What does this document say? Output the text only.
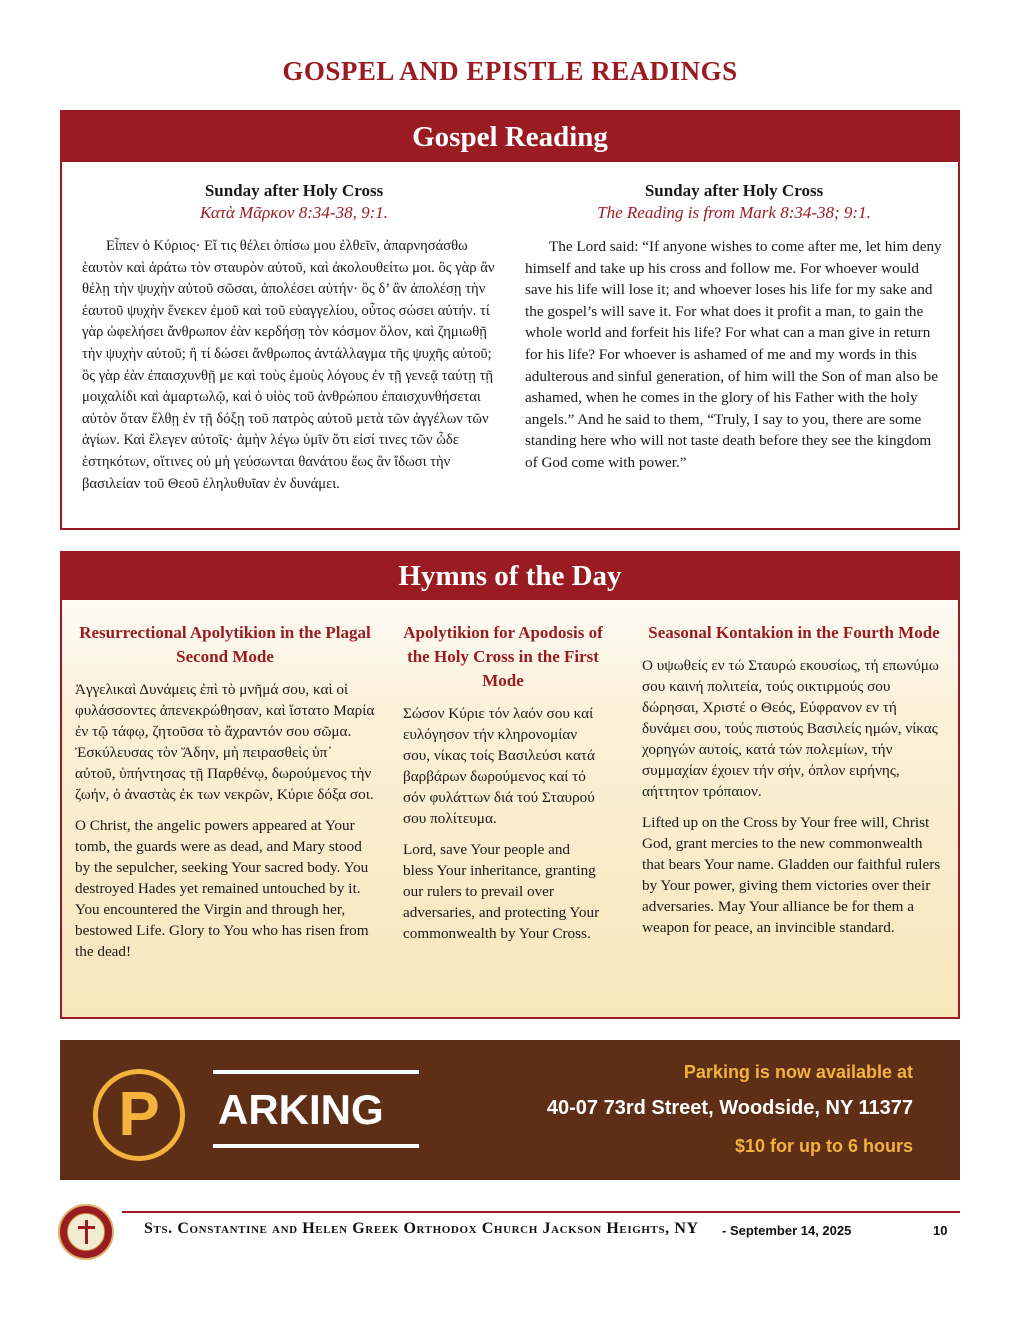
GOSPEL AND EPISTLE READINGS
Gospel Reading
Sunday after Holy Cross
Κατὰ Μᾶρκον 8:34-38, 9:1.
Εἶπεν ὁ Κύριος· Εἴ τις θέλει ὀπίσω μου ἐλθεῖν, ἀπαρνησάσθω ἑαυτὸν καὶ ἀράτω τὸν σταυρὸν αὐτοῦ, καὶ ἀκολουθείτω μοι. ὃς γὰρ ἂν θέλῃ τὴν ψυχὴν αὐτοῦ σῶσαι, ἀπολέσει αὐτήν· ὃς δ’ ἂν ἀπολέσῃ τὴν ἑαυτοῦ ψυχὴν ἕνεκεν ἐμοῦ καὶ τοῦ εὐαγγελίου, οὗτος σώσει αὐτήν. τί γὰρ ὠφελήσει ἄνθρωπον ἐὰν κερδήσῃ τὸν κόσμον ὅλον, καὶ ζημιωθῇ τὴν ψυχὴν αὐτοῦ; ἢ τί δώσει ἄνθρωπος ἀντάλλαγμα τῆς ψυχῆς αὐτοῦ; ὃς γὰρ ἐὰν ἐπαισχυνθῇ με καὶ τοὺς ἐμοὺς λόγους ἐν τῇ γενεᾷ ταύτῃ τῇ μοιχαλίδι καὶ ἁμαρτωλῷ, καὶ ὁ υἱὸς τοῦ ἀνθρώπου ἐπαισχυνθήσεται αὐτὸν ὅταν ἔλθῃ ἐν τῇ δόξῃ τοῦ πατρὸς αὐτοῦ μετὰ τῶν ἀγγέλων τῶν ἁγίων. Καὶ ἔλεγεν αὐτοῖς· ἀμὴν λέγω ὑμῖν ὅτι εἰσί τινες τῶν ὧδε ἑστηκότων, οἵτινες οὐ μὴ γεύσωνται θανάτου ἕως ἂν ἴδωσι τὴν βασιλείαν τοῦ Θεοῦ ἐληλυθυῖαν ἐν δυνάμει.
Sunday after Holy Cross
The Reading is from Mark 8:34-38; 9:1.
The Lord said: “If anyone wishes to come after me, let him deny himself and take up his cross and follow me. For whoever would save his life will lose it; and whoever loses his life for my sake and the gospel’s will save it. For what does it profit a man, to gain the whole world and forfeit his life? For what can a man give in return for his life? For whoever is ashamed of me and my words in this adulterous and sinful generation, of him will the Son of man also be ashamed, when he comes in the glory of his Father with the holy angels.” And he said to them, “Truly, I say to you, there are some standing here who will not taste death before they see the kingdom of God come with power.”
Hymns of the Day
Resurrectional Apolytikion in the Plagal Second Mode

Ἀγγελικαὶ Δυνάμεις ἐπὶ τὸ μνῆμά σου, καὶ οἱ φυλάσσοντες ἀπενεκρώθησαν, καὶ ἵστατο Μαρία ἐν τῷ τάφῳ, ζητοῦσα τὸ ἄχραντόν σου σῶμα. Ἐσκύλευσας τὸν Ἅδην, μὴ πειρασθεὶς ὑπ᾽ αὐτοῦ, ὑπήντησας τῇ Παρθένῳ, δωρούμενος τὴν ζωήν, ὁ ἀναστὰς ἐκ των νεκρῶν, Κύριε δόξα σοι.

O Christ, the angelic powers appeared at Your tomb, the guards were as dead, and Mary stood by the sepulcher, seeking Your sacred body. You destroyed Hades yet remained untouched by it. You encountered the Virgin and through her, bestowed Life. Glory to You who has risen from the dead!

Apolytikion for Apodosis of the Holy Cross in the First Mode

Σώσον Κύριε τόν λαόν σου καί ευλόγησον τήν κληρονομίαν σου, νίκας τοίς Βασιλεύσι κατά βαρβάρων δωρούμενος καί τό σόν φυλάττων διά τού Σταυρού σου πολίτευμα.

Lord, save Your people and bless Your inheritance, granting our rulers to prevail over adversaries, and protecting Your commonwealth by Your Cross.

Seasonal Kontakion in the Fourth Mode

Ο υψωθείς εν τώ Σταυρώ εκουσίως, τή επωνύμω σου καινή πολιτεία, τούς οικτιρμούς σου δώρησαι, Χριστέ ο Θεός, Εύφρανον εν τή δυνάμει σου, τούς πιστούς Βασιλείς ημών, νίκας χορηγών αυτοίς, κατά τών πολεμίων, τήν συμμαχίαν έχοιεν τήν σήν, όπλον ειρήνης, αήττητον τρόπαιον.

Lifted up on the Cross by Your free will, Christ God, grant mercies to the new commonwealth that bears Your name. Gladden our faithful rulers by Your power, giving them victories over their adversaries. May Your alliance be for them a weapon for peace, an invincible standard.

P	ARKING
Parking is now available at
40-07 73rd Street, Woodside, NY 11377
$10 for up to 6 hours
Sts. Constantine and Helen Greek Orthodox Church Jackson Heights, NY - September 14, 2025	10
